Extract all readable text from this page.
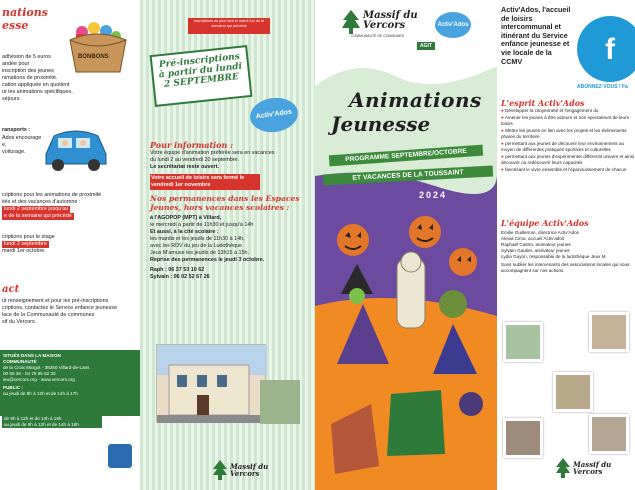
nations
esse
adhésion de 5 euros
andée pour
inscription des jeunes
nimations de proximité.
cation appliquée en quotient
ur les animations spécifiques,
séjours.
BONBONS
ransports :
Ados encourage
e,
voiturage.
criptions pour les animations de proximité
ités et des vacances d'automne :
lundi 2 septembre jusqu'au
e de la semaine qui précède
criptions pour le stage
lundi 2 septembre

mardi 1er octobre.
act
ut renseignement et pour les pré-inscriptions
criptions, contactez le Service enfance jeunesse
lace de la Communauté de communes
sif du Vercors.
SITUÉS DANS LA MAISON
COMMUNAUTÉ
de la Croix Margot - 38250 Villard-de-Lans
00 56 36 - 04 76 95 62 33
ieu@vercors.org - www.vercors.org
PUBLIC :
au jeudi de 9h à 12h et de 14h à 17h
de 9h à 12h et de 14h à 16h
au jeudi de 9h à 12h et de 14h à 16h
Inscriptions en plus tard le mardi 1er du le semaine qui précède
Pré-inscriptions à partir du lundi 2 SEPTEMBRE
Activ'Ados
Pour information :
Votre équipe d'animation préférée sera en vacances
du lundi 2 au vendredi 20 septembre.
Le secrétariat reste ouvert.
Votre accueil de loisirs sera fermé le vendredi 1er novembre
Nos permanences dans les Espaces Jeunes, hors vacances scolaires :
à l'AGOPOP (MPT) à Villard,
le mercredi à partir de 11h30 et jusqu'à 14h
Et aussi, à la cité scolaire :
les mardis et les jeudis de 11h30 à 14h,
avec les RDV du jeu de la Ludothèque
Jeux M'amuse les jeudis de 13h15 à 15h.
Reprise des permanences le jeudi 3 octobre.
Raph : 06 37 53 10 62
Sylvain : 06 02 52 67 26
Massif du Vercors
COMMUNAUTÉ DE COMMUNES
Activ'Ados
AGIT
Animations
Jeunesse
PROGRAMME SEPTEMBRE/OCTOBRE
ET VACANCES DE LA TOUSSAINT
2024
Activ'Ados, l'accueil de loisirs intercommunal et itinérant du Service enfance jeunesse et vie locale de la CCMV	f
ABONNEZ-VOUS ! Fa
L'esprit Activ'Ados
● Développer la citoyenneté et l'engagement du
● Amener les jeunes à être acteurs et non spectateurs de leurs loisirs
● Mettre les jeunes en lien avec les projets et les événements phares du territoire
● permettant aux jeunes de découvrir leur environnement au moyen de différentes pratiques sportives et culturelles
● permettant aux jeunes d'expérimenter différents univers et ainsi découvrir ou redécouvrir leurs capacités
● favorisant le vivre ensemble et l'épanouissement de chacun
L'équipe Activ'Ados
Emilie Guillermin, directrice Activ'Ados
Alexia Cima, accueil Activ'ados
Raphaël Castro, animateur jeunes
Sylvain Gautier, animateur jeunes
Lydia Guyon, responsable de la ludothèque Jeux M
Sans oublier les intervenants des associations locales qui nous accompagnent sur nos actions.
Massif du Vercors
Massif du Vercors
